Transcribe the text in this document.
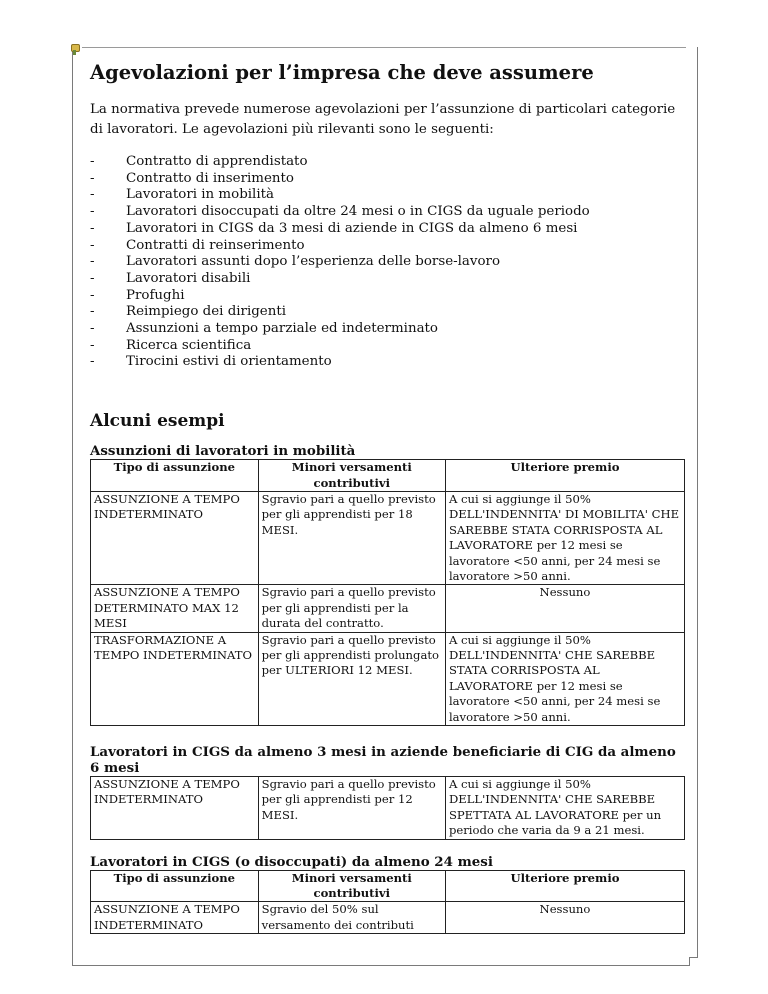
Agevolazioni per l’impresa che deve assumere

La normativa prevede numerose agevolazioni per l’assunzione di particolari categorie di lavoratori. Le agevolazioni più rilevanti sono le seguenti:

- Contratto di apprendistato
- Contratto di inserimento
- Lavoratori in mobilità
- Lavoratori disoccupati da oltre 24 mesi o in CIGS da uguale periodo
- Lavoratori in CIGS da 3 mesi di aziende in CIGS da almeno 6 mesi
- Contratti di reinserimento
- Lavoratori assunti dopo l’esperienza delle borse-lavoro
- Lavoratori disabili
- Profughi
- Reimpiego dei dirigenti
- Assunzioni a tempo parziale ed indeterminato
- Ricerca scientifica
- Tirocini estivi di orientamento
Alcuni esempi
Assunzioni di lavoratori in mobilità
Tipo di assunzione	Minori versamenti contributivi	Ulteriore premio
ASSUNZIONE A TEMPO INDETERMINATO	Sgravio pari a quello previsto per gli apprendisti per 18 MESI.	A cui si aggiunge il 50% DELL'INDENNITA' DI MOBILITA' CHE SAREBBE STATA CORRISPOSTA AL LAVORATORE per 12 mesi se lavoratore <50 anni, per 24 mesi se lavoratore >50 anni.
ASSUNZIONE A TEMPO DETERMINATO MAX 12 MESI	Sgravio pari a quello previsto per gli apprendisti per la durata del contratto.	Nessuno
TRASFORMAZIONE A TEMPO INDETERMINATO	Sgravio pari a quello previsto per gli apprendisti prolungato per ULTERIORI 12 MESI.	A cui si aggiunge il 50% DELL'INDENNITA' CHE SAREBBE STATA CORRISPOSTA AL LAVORATORE per 12 mesi se lavoratore <50 anni, per 24 mesi se lavoratore >50 anni.
Lavoratori in CIGS da almeno 3 mesi in aziende beneficiarie di CIG da almeno 6 mesi
ASSUNZIONE A TEMPO INDETERMINATO	Sgravio pari a quello previsto per gli apprendisti per 12 MESI.	A cui si aggiunge il 50% DELL'INDENNITA' CHE SAREBBE SPETTATA AL LAVORATORE per un periodo che varia da 9 a 21 mesi.
Lavoratori in CIGS (o disoccupati) da almeno 24 mesi
Tipo di assunzione	Minori versamenti contributivi	Ulteriore premio
ASSUNZIONE A TEMPO INDETERMINATO	Sgravio del 50% sul versamento dei contributi	Nessuno
